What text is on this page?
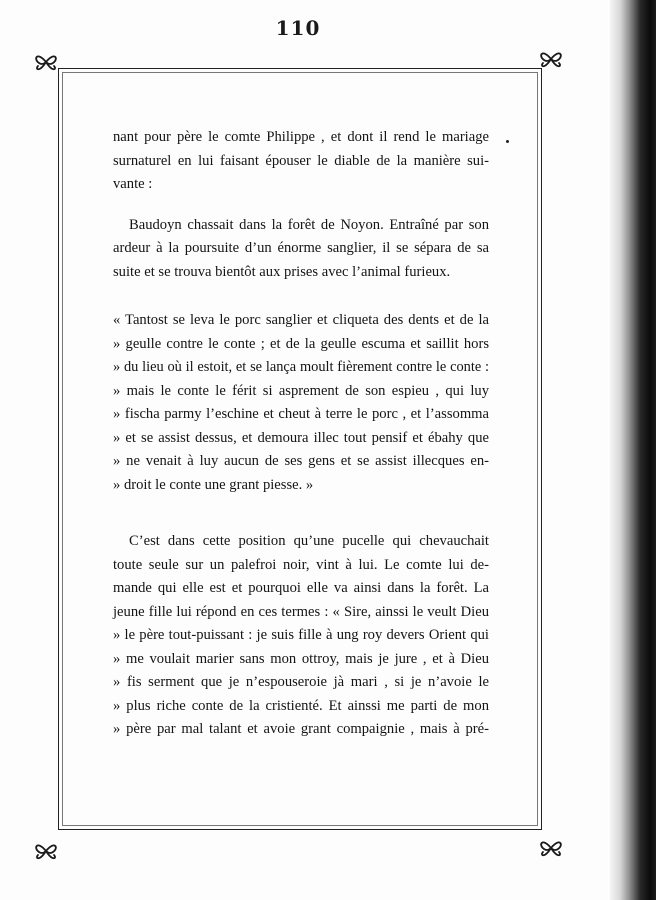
110
nant pour père le comte Philippe , et dont il rend le mariage
surnaturel en lui faisant épouser le diable de la manière sui-
vante :
Baudoyn chassait dans la forêt de Noyon. Entraîné par son
ardeur à la poursuite d’un énorme sanglier, il se sépara de sa
suite et se trouva bientôt aux prises avec l’animal furieux.
« Tantost se leva le porc sanglier et cliqueta des dents et de la
» geulle contre le conte ; et de la geulle escuma et saillit hors
» du lieu où il estoit, et se lança moult fièrement contre le conte :
» mais le conte le férit si asprement de son espieu , qui luy
» fischa parmy l’eschine et cheut à terre le porc , et l’assomma
» et se assist dessus, et demoura illec tout pensif et ébahy que
» ne venait à luy aucun de ses gens et se assist illecques en-
» droit le conte une grant piesse. »
C’est dans cette position qu’une pucelle qui chevauchait
toute seule sur un palefroi noir, vint à lui. Le comte lui de-
mande qui elle est et pourquoi elle va ainsi dans la forêt. La
jeune fille lui répond en ces termes : « Sire, ainssi le veult Dieu
» le père tout-puissant : je suis fille à ung roy devers Orient qui
» me voulait marier sans mon ottroy, mais je jure , et à Dieu
» fis serment que je n’espouseroie jà mari , si je n’avoie le
» plus riche conte de la cristienté. Et ainssi me parti de mon
» père par mal talant et avoie grant compaignie , mais à pré-
